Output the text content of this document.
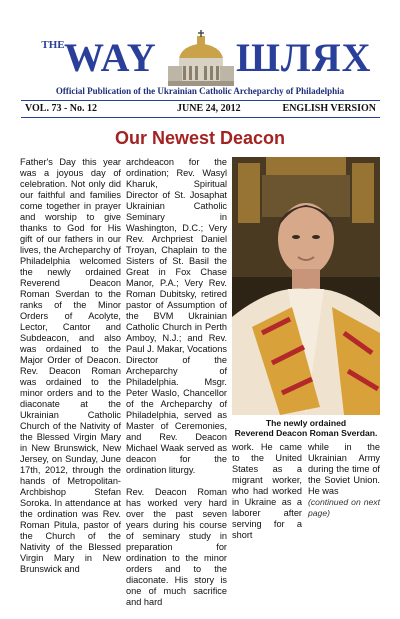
THE WAY ШЛЯХ
Official Publication of the Ukrainian Catholic Archeparchy of Philadelphia
VOL. 73 - No. 12	JUNE 24, 2012	ENGLISH VERSION
Our Newest Deacon

Father's Day this year was a joyous day of celebration. Not only did our faithful and families come together in prayer and worship to give thanks to God for His gift of our fathers in our lives, the Archeparchy of Philadelphia welcomed the newly ordained Reverend Deacon Roman Sverdan to the ranks of the Minor Orders of Acolyte, Lector, Cantor and Subdeacon, and also was ordained to the Major Order of Deacon. Rev. Deacon Roman was ordained to the minor orders and to the diaconate at the Ukrainian Catholic Church of the Nativity of the Blessed Virgin Mary in New Brunswick, New Jersey, on Sunday, June 17th, 2012, through the hands of Metropolitan-Archbishop Stefan Soroka. In attendance at the ordination was Rev. Roman Pitula, pastor of the Church of the Nativity of the Blessed Virgin Mary in New Brunswick and

archdeacon for the ordination; Rev. Wasyl Kharuk, Spiritual Director of St. Josaphat Ukrainian Catholic Seminary in Washington, D.C.; Very Rev. Archpriest Daniel Troyan, Chaplain to the Sisters of St. Basil the Great in Fox Chase Manor, P.A.; Very Rev. Roman Dubitsky, retired pastor of Assumption of the BVM Ukrainian Catholic Church in Perth Amboy, N.J.; and Rev. Paul J. Makar, Vocations Director of the Archeparchy of Philadelphia. Msgr. Peter Waslo, Chancellor of the Archeparchy of Philadelphia, served as Master of Ceremonies, and Rev. Deacon Michael Waak served as deacon for the ordination liturgy.

Rev. Deacon Roman has worked very hard over the past seven years during his course of seminary study in preparation for ordination to the minor orders and to the diaconate. His story is one of much sacrifice and hard

The newly ordained
Reverend Deacon Roman Sverdan.
work. He came to the United States as a migrant worker, who had worked in Ukraine as a laborer after serving for a short
while in the Ukrainian Army during the time of the Soviet Union. He was
(continued on next page)
